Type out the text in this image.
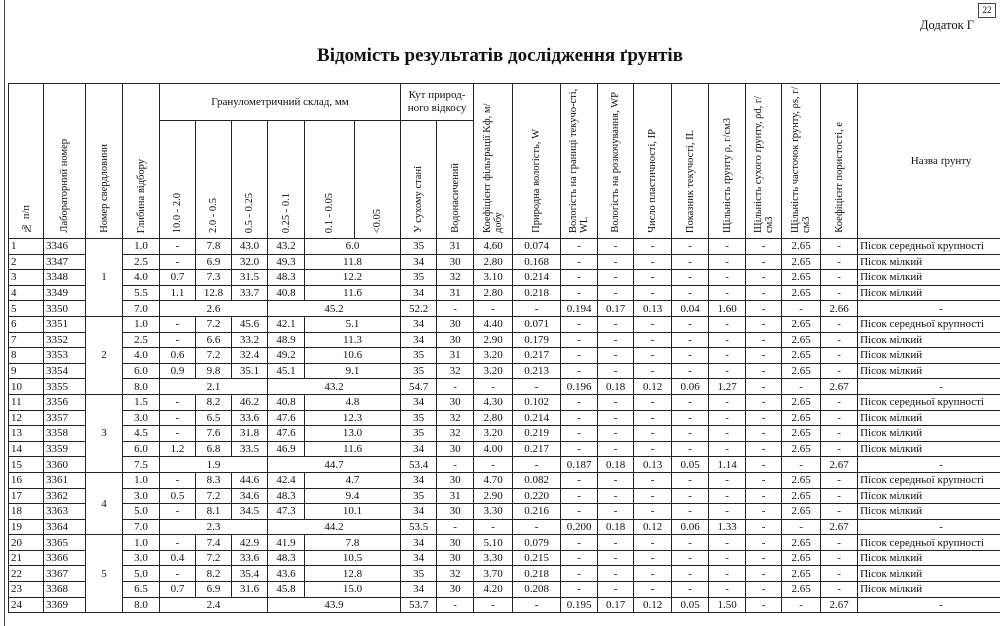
22
Додаток Г
Відомість результатів дослідження ґрунтів
№ п/п	Лабораторний номер	Номер свердловини	Глибина відбору	Гранулометричний склад, мм						Кут природ-ного відкосу		Коефіцієнт фільтрації Kф, м/добу	Природна вологість, W	Вологість на границі текучо-сті, WL	Вологість на розкочування, WP	Число пластичності, IP	Показник текучості, IL	Щільність ґрунту ρ, г/см3	Щільність сухого ґрунту, ρd, г/см3	Щільність часточок ґрунту, ρs, г/см3	Коефіцієнт пористості, e	Назва ґрунту	
				10.0 - 2.0	2.0 - 0.5	0.5 - 0.25	0.25 - 0.1	0.1 - 0.05	<0.05	У сухому стані	Водонасичений												
1	3346	1	1.0	-	7.8	43.0	43.2	6.0		35	31	4.60	0.074	-	-	-	-	-	-	2.65	-	Пісок середньої крупності	
2	3347		2.5	-	6.9	32.0	49.3	11.8		34	30	2.80	0.168	-	-	-	-	-	-	2.65	-	Пісок мілкий	
3	3348		4.0	0.7	7.3	31.5	48.3	12.2		35	32	3.10	0.214	-	-	-	-	-	-	2.65	-	Пісок мілкий	
4	3349		5.5	1.1	12.8	33.7	40.8	11.6		34	31	2.80	0.218	-	-	-	-	-	-	2.65	-	Пісок мілкий	
5	3350		7.0	2.6			45.2			52.2	-	-	-	0.194	0.17	0.13	0.04	1.60	-	-	2.66	-	
6	3351	2	1.0	-	7.2	45.6	42.1	5.1		34	30	4.40	0.071	-	-	-	-	-	-	2.65	-	Пісок середньої крупності	
7	3352		2.5	-	6.6	33.2	48.9	11.3		34	30	2.90	0.179	-	-	-	-	-	-	2.65	-	Пісок мілкий	
8	3353		4.0	0.6	7.2	32.4	49.2	10.6		35	31	3.20	0.217	-	-	-	-	-	-	2.65	-	Пісок мілкий	
9	3354		6.0	0.9	9.8	35.1	45.1	9.1		35	32	3.20	0.213	-	-	-	-	-	-	2.65	-	Пісок мілкий	
10	3355		8.0	2.1			43.2			54.7	-	-	-	0.196	0.18	0.12	0.06	1.27	-	-	2.67	-	
11	3356	3	1.5	-	8.2	46.2	40.8	4.8		34	30	4.30	0.102	-	-	-	-	-	-	2.65	-	Пісок середньої крупності	
12	3357		3.0	-	6.5	33.6	47.6	12.3		35	32	2.80	0.214	-	-	-	-	-	-	2.65	-	Пісок мілкий	
13	3358		4.5	-	7.6	31.8	47.6	13.0		35	32	3.20	0.219	-	-	-	-	-	-	2.65	-	Пісок мілкий	
14	3359		6.0	1.2	6.8	33.5	46.9	11.6		34	30	4.00	0.217	-	-	-	-	-	-	2.65	-	Пісок мілкий	
15	3360		7.5	1.9			44.7			53.4	-	-	-	0.187	0.18	0.13	0.05	1.14	-	-	2.67	-	
16	3361	4	1.0	-	8.3	44.6	42.4	4.7		34	30	4.70	0.082	-	-	-	-	-	-	2.65	-	Пісок середньої крупності	
17	3362		3.0	0.5	7.2	34.6	48.3	9.4		35	31	2.90	0.220	-	-	-	-	-	-	2.65	-	Пісок мілкий	
18	3363		5.0	-	8.1	34.5	47.3	10.1		34	30	3.30	0.216	-	-	-	-	-	-	2.65	-	Пісок мілкий	
19	3364		7.0	2.3			44.2			53.5	-	-	-	0.200	0.18	0.12	0.06	1.33	-	-	2.67	-	
20	3365	5	1.0	-	7.4	42.9	41.9	7.8		34	30	5.10	0.079	-	-	-	-	-	-	2.65	-	Пісок середньої крупності	
21	3366		3.0	0.4	7.2	33.6	48.3	10.5		34	30	3.30	0.215	-	-	-	-	-	-	2.65	-	Пісок мілкий	
22	3367		5.0	-	8.2	35.4	43.6	12.8		35	32	3.70	0.218	-	-	-	-	-	-	2.65	-	Пісок мілкий	
23	3368		6.5	0.7	6.9	31.6	45.8	15.0		34	30	4.20	0.208	-	-	-	-	-	-	2.65	-	Пісок мілкий	
24	3369		8.0	2.4			43.9			53.7	-	-	-	0.195	0.17	0.12	0.05	1.50	-	-	2.67	-	
